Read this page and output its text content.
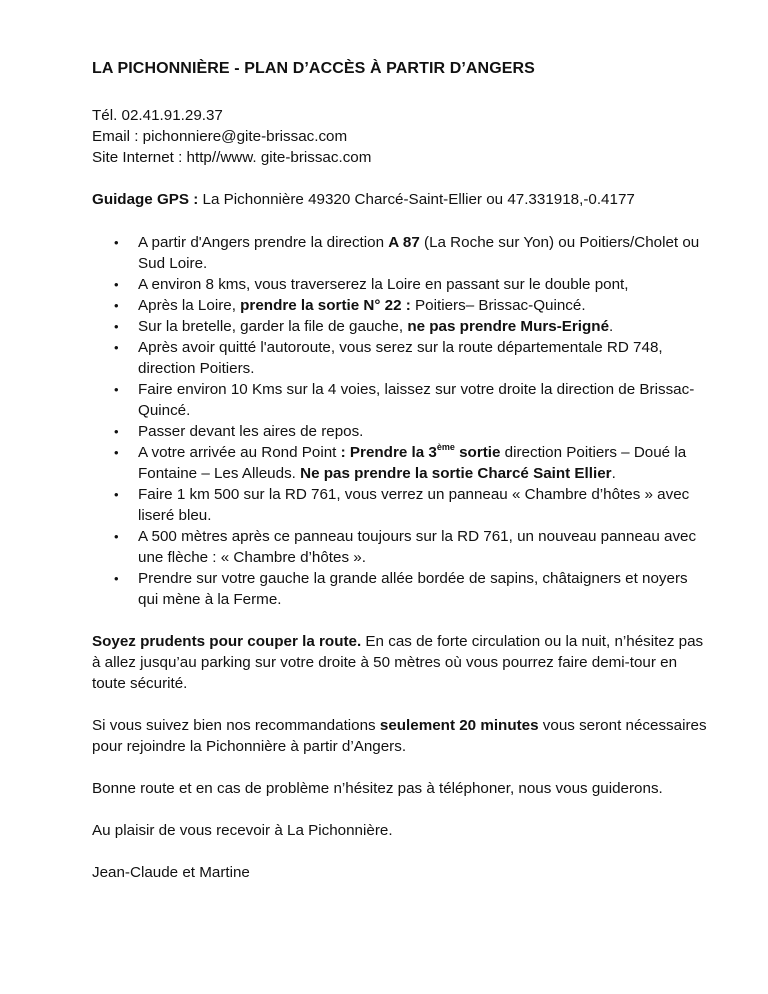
LA PICHONNIÈRE - PLAN D’ACCÈS À PARTIR D’ANGERS

Tél. 02.41.91.29.37

Email : pichonniere@gite-brissac.com

Site Internet : http//www. gite-brissac.com

Guidage GPS : La Pichonnière 49320 Charcé-Saint-Ellier ou 47.331918,-0.4177

• A partir d'Angers prendre la direction A 87 (La Roche sur Yon) ou Poitiers/Cholet ou Sud Loire.
• A environ 8 kms, vous traverserez la Loire en passant sur le double pont,
• Après la Loire, prendre la sortie N° 22 : Poitiers– Brissac-Quincé.
• Sur la bretelle, garder la file de gauche, ne pas prendre Murs-Erigné.
• Après avoir quitté l'autoroute, vous serez sur la route départementale RD 748, direction Poitiers.
• Faire environ 10 Kms sur la 4 voies, laissez sur votre droite la direction de Brissac-Quincé.
• Passer devant les aires de repos.
• A votre arrivée au Rond Point : Prendre la 3ème sortie direction Poitiers – Doué la Fontaine – Les Alleuds. Ne pas prendre la sortie Charcé Saint Ellier.
• Faire 1 km 500 sur la RD 761, vous verrez un panneau « Chambre d’hôtes » avec liseré bleu.
• A 500 mètres après ce panneau toujours sur la RD 761, un nouveau panneau avec une flèche : « Chambre d’hôtes ».
• Prendre sur votre gauche la grande allée bordée de sapins, châtaigners et noyers qui mène à la Ferme.

Soyez prudents pour couper la route. En cas de forte circulation ou la nuit, n’hésitez pas à allez jusqu’au parking sur votre droite à 50 mètres où vous pourrez faire demi-tour en toute sécurité.

Si vous suivez bien nos recommandations seulement 20 minutes vous seront nécessaires pour rejoindre la Pichonnière à partir d’Angers.

Bonne route et en cas de problème n’hésitez pas à téléphoner, nous vous guiderons.

Au plaisir de vous recevoir à La Pichonnière.

Jean-Claude et Martine
